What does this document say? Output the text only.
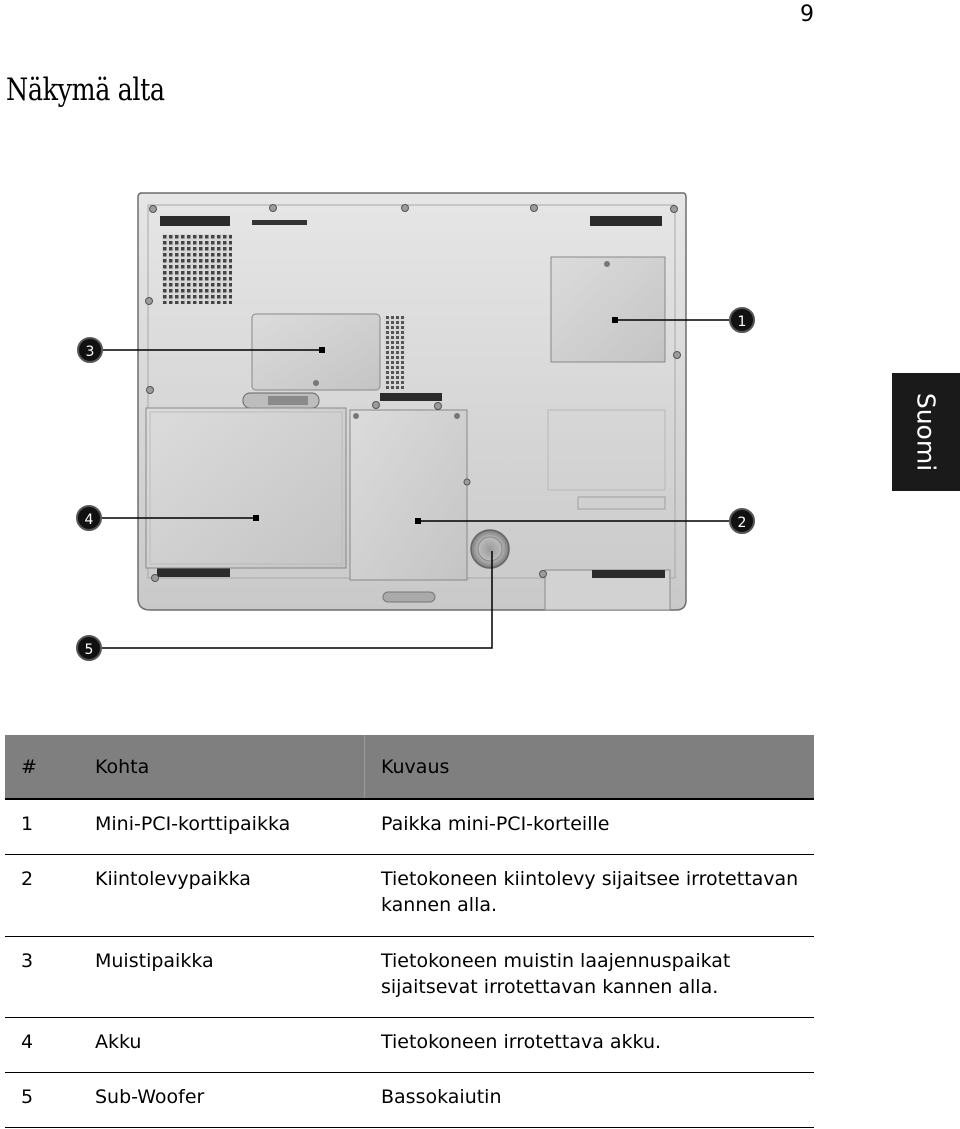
9
Näkymä alta
Suomi
1
2
3
4
5
#	Kohta	Kuvaus
1	Mini-PCI-korttipaikka	Paikka mini-PCI-korteille
2	Kiintolevypaikka	Tietokoneen kiintolevy sijaitsee irrotettavan kannen alla.
3	Muistipaikka	Tietokoneen muistin laajennuspaikat sijaitsevat irrotettavan kannen alla.
4	Akku	Tietokoneen irrotettava akku.
5	Sub-Woofer	Bassokaiutin
